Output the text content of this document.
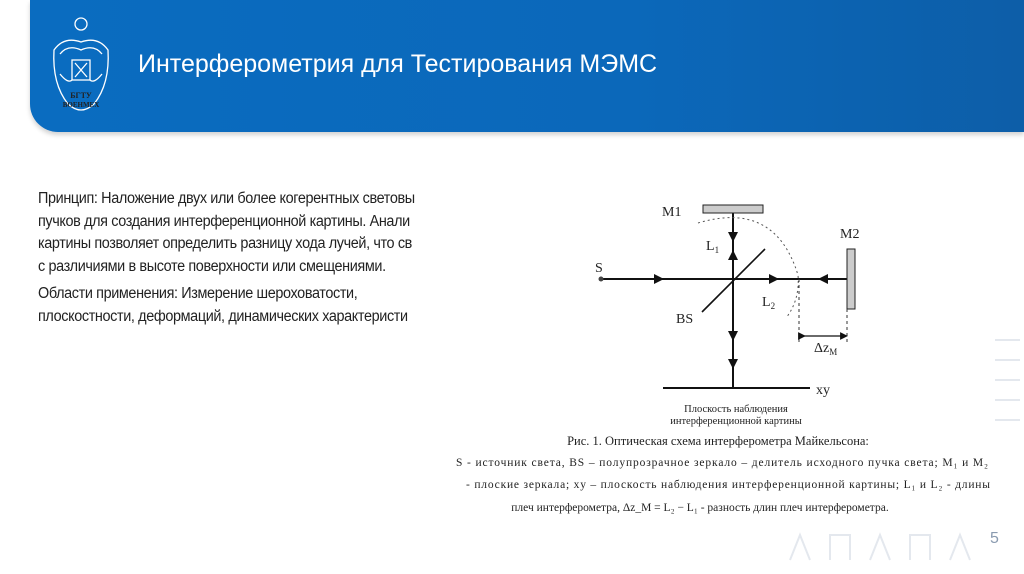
БГТУ
ВОЕНМЕХ
Интерферометрия для Тестирования МЭМС
Принцип: Наложение двух или более когерентных световы
пучков для создания интерференционной картины. Анали
картины позволяет определить разницу хода лучей, что св
с различиями в высоте поверхности или смещениями.
Области применения: Измерение шероховатости,
плоскостности, деформаций, динамических характеристи
M1
M2
$L_1$
$L_2$
S
BS
$\Delta z_M$
xy
Плоскость наблюдения
интерференционной картины
Рис. 1. Оптическая схема интерферометра Майкельсона:
S - источник света, BS – полупрозрачное зеркало – делитель исходного пучка света; M₁ и M₂
- плоские зеркала; xy – плоскость наблюдения интерференционной картины; L₁ и L₂ - длины
плеч интерферометра, Δz_M = L₂ − L₁ - разность длин плеч интерферометра.
5
